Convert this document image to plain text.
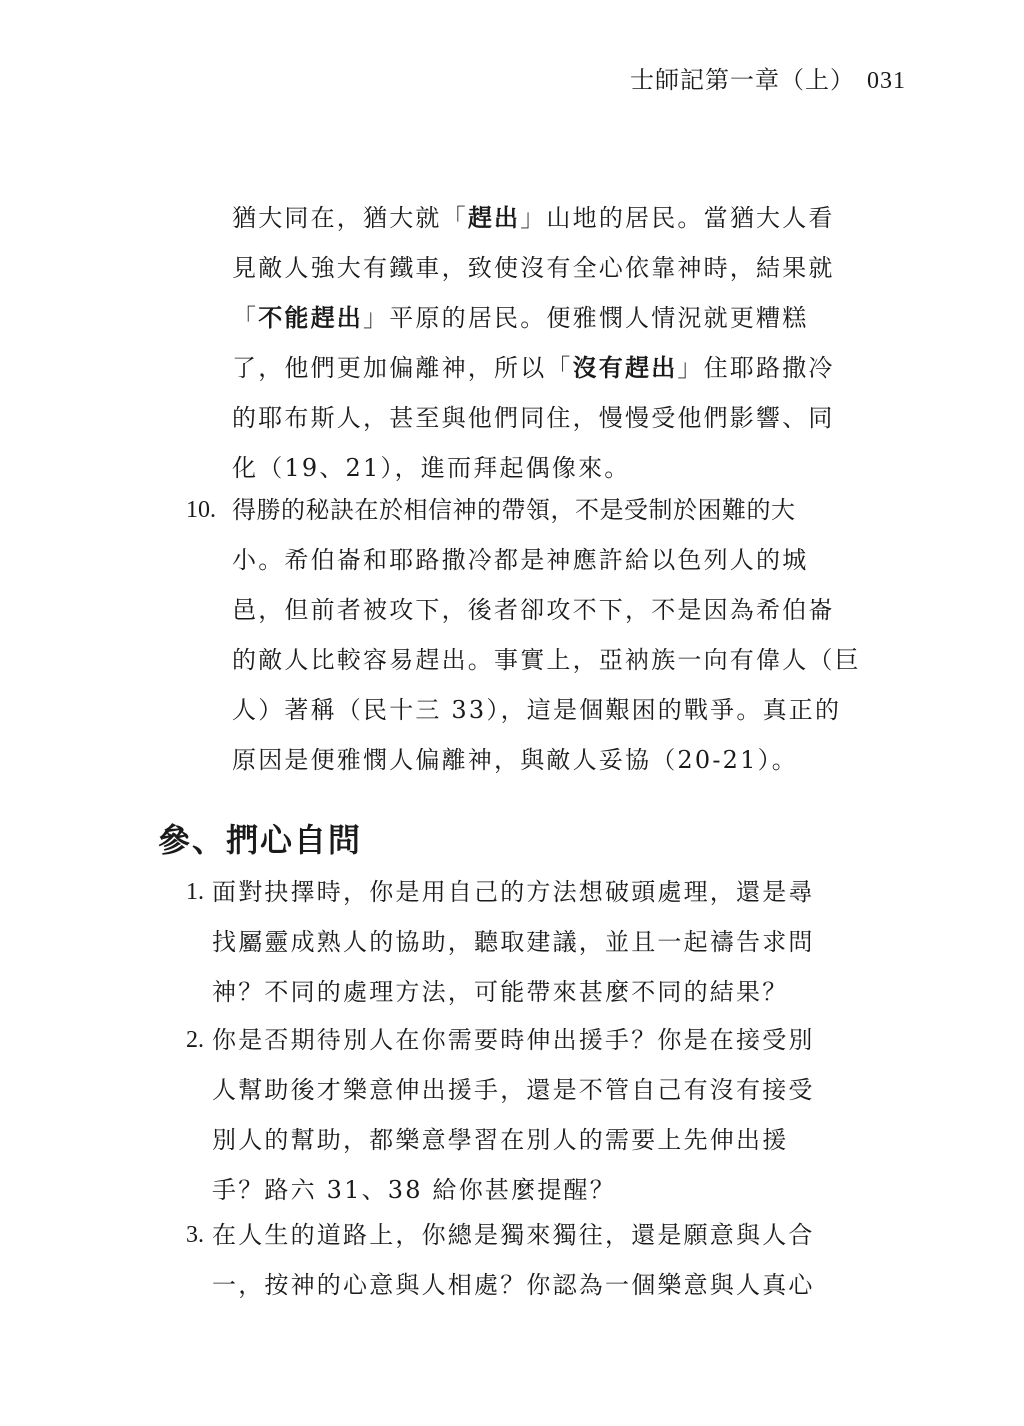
士師記第一章（上） 031
猶大同在，猶大就「趕出」山地的居民。當猶大人看
見敵人強大有鐵車，致使沒有全心依靠神時，結果就
「不能趕出」平原的居民。便雅憫人情況就更糟糕
了，他們更加偏離神，所以「沒有趕出」住耶路撒冷
的耶布斯人，甚至與他們同住，慢慢受他們影響、同
化（19、21），進而拜起偶像來。
10. 得勝的秘訣在於相信神的帶領，不是受制於困難的大
小。希伯崙和耶路撒冷都是神應許給以色列人的城
邑，但前者被攻下，後者卻攻不下，不是因為希伯崙
的敵人比較容易趕出。事實上，亞衲族一向有偉人（巨
人）著稱（民十三 33），這是個艱困的戰爭。真正的
原因是便雅憫人偏離神，與敵人妥協（20-21）。
參、捫心自問
1. 面對抉擇時，你是用自己的方法想破頭處理，還是尋
找屬靈成熟人的協助，聽取建議，並且一起禱告求問
神？不同的處理方法，可能帶來甚麼不同的結果？
2. 你是否期待別人在你需要時伸出援手？你是在接受別
人幫助後才樂意伸出援手，還是不管自己有沒有接受
別人的幫助，都樂意學習在別人的需要上先伸出援
手？路六 31、38 給你甚麼提醒？
3. 在人生的道路上，你總是獨來獨往，還是願意與人合
一，按神的心意與人相處？你認為一個樂意與人真心
